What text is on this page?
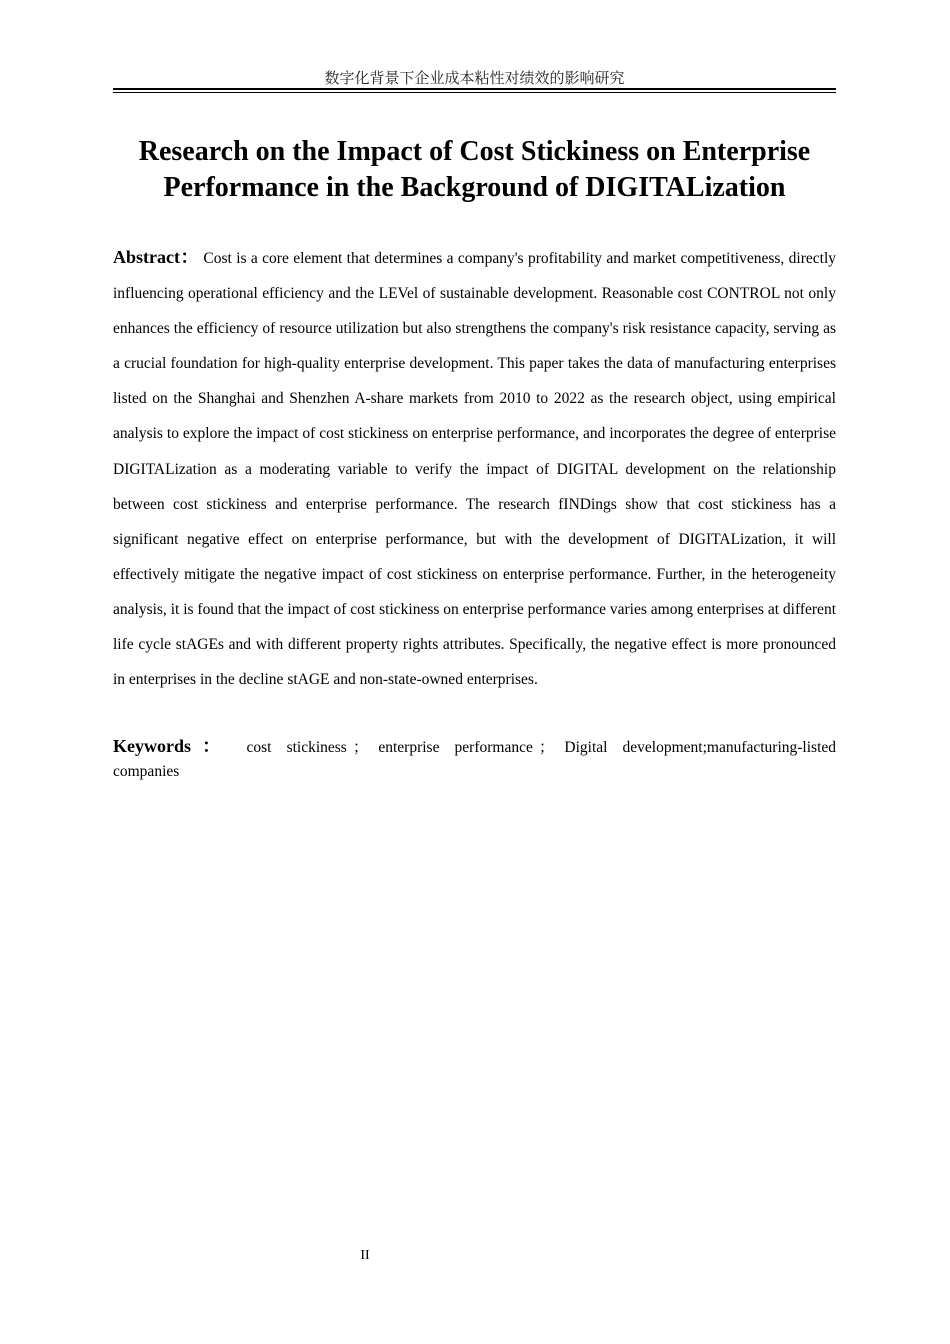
数字化背景下企业成本粘性对绩效的影响研究
Research on the Impact of Cost Stickiness on Enterprise Performance in the Background of DIGITALization

Abstract： Cost is a core element that determines a company's profitability and market competitiveness, directly influencing operational efficiency and the LEVel of sustainable development. Reasonable cost CONTROL not only enhances the efficiency of resource utilization but also strengthens the company's risk resistance capacity, serving as a crucial foundation for high-quality enterprise development. This paper takes the data of manufacturing enterprises listed on the Shanghai and Shenzhen A-share markets from 2010 to 2022 as the research object, using empirical analysis to explore the impact of cost stickiness on enterprise performance, and incorporates the degree of enterprise DIGITALization as a moderating variable to verify the impact of DIGITAL development on the relationship between cost stickiness and enterprise performance. The research fINDings show that cost stickiness has a significant negative effect on enterprise performance, but with the development of DIGITALization, it will effectively mitigate the negative impact of cost stickiness on enterprise performance. Further, in the heterogeneity analysis, it is found that the impact of cost stickiness on enterprise performance varies among enterprises at different life cycle stAGEs and with different property rights attributes. Specifically, the negative effect is more pronounced in enterprises in the decline stAGE and non-state-owned enterprises.

Keywords： cost stickiness ； enterprise performance ； Digital development;manufacturing-listed companies

II
